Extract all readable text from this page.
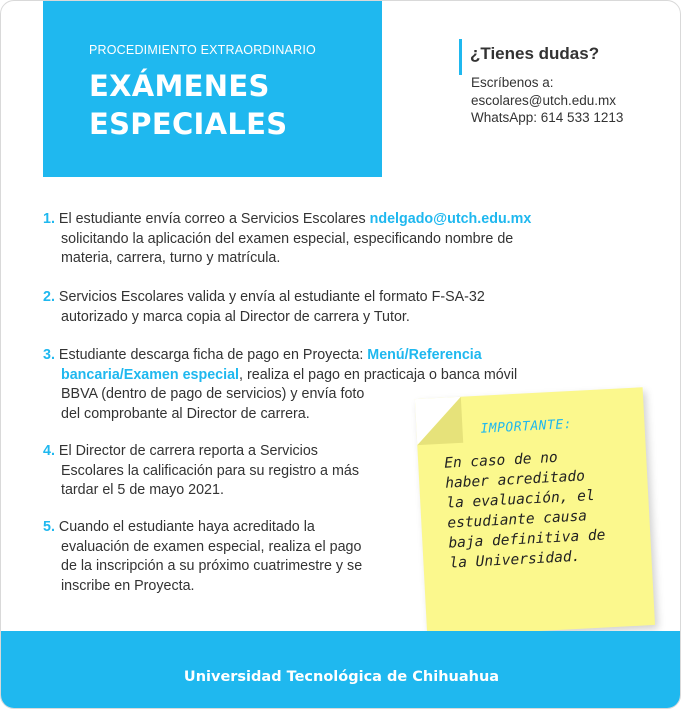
PROCEDIMIENTO EXTRAORDINARIO
EXÁMENES
ESPECIALES
¿Tienes dudas?
Escríbenos a:
escolares@utch.edu.mx
WhatsApp: 614 533 1213
1. El estudiante envía correo a Servicios Escolares ndelgado@utch.edu.mx
solicitando la aplicación del examen especial, especificando nombre de
materia, carrera, turno y matrícula.
2. Servicios Escolares valida y envía al estudiante el formato F-SA-32
autorizado y marca copia al Director de carrera y Tutor.
3. Estudiante descarga ficha de pago en Proyecta: Menú/Referencia
bancaria/Examen especial, realiza el pago en practicaja o banca móvil
BBVA (dentro de pago de servicios) y envía foto
del comprobante al Director de carrera.
4. El Director de carrera reporta a Servicios
Escolares la calificación para su registro a más
tardar el 5 de mayo 2021.
5. Cuando el estudiante haya acreditado la
evaluación de examen especial, realiza el pago
de la inscripción a su próximo cuatrimestre y se
inscribe en Proyecta.
IMPORTANTE:
En caso de no
haber acreditado
la evaluación, el
estudiante causa
baja definitiva de
la Universidad.
Universidad Tecnológica de Chihuahua
